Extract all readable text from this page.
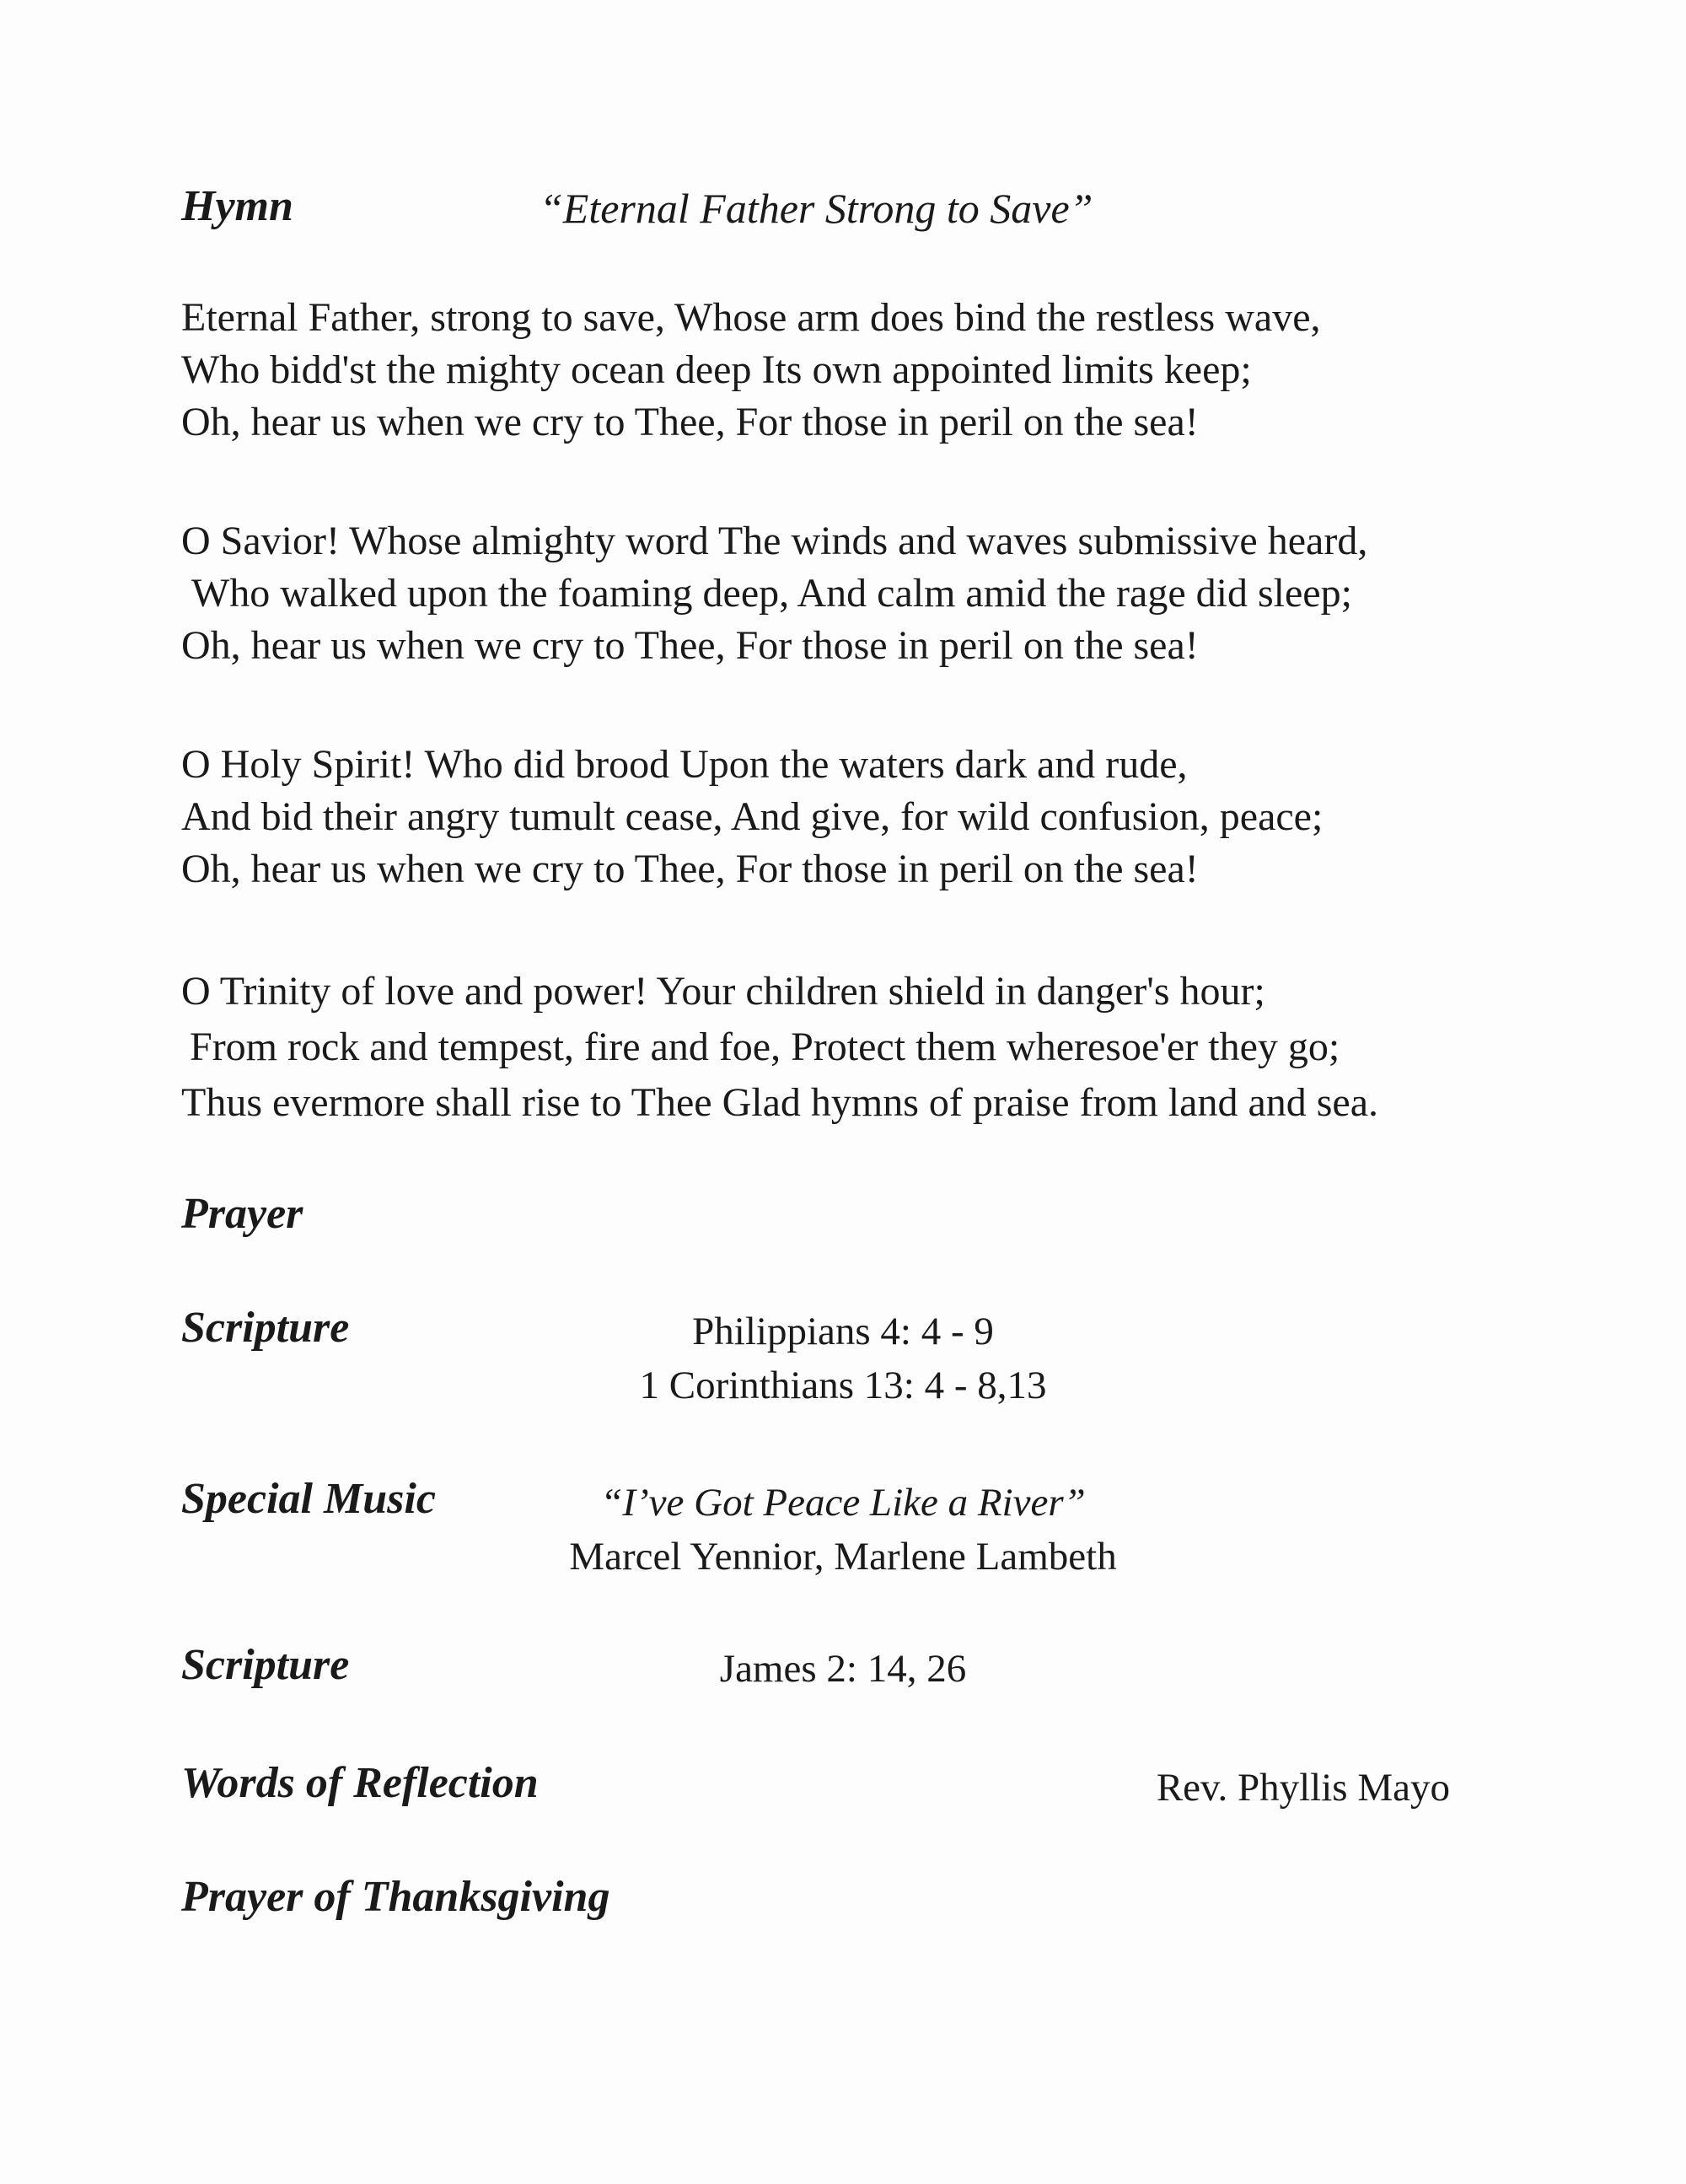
Hymn	“Eternal Father Strong to Save”
Eternal Father, strong to save, Whose arm does bind the restless wave,
Who bidd'st the mighty ocean deep Its own appointed limits keep;
Oh, hear us when we cry to Thee, For those in peril on the sea!
O Savior! Whose almighty word The winds and waves submissive heard,
Who walked upon the foaming deep, And calm amid the rage did sleep;
Oh, hear us when we cry to Thee, For those in peril on the sea!
O Holy Spirit! Who did brood Upon the waters dark and rude,
And bid their angry tumult cease, And give, for wild confusion, peace;
Oh, hear us when we cry to Thee, For those in peril on the sea!
O Trinity of love and power! Your children shield in danger's hour;
From rock and tempest, fire and foe, Protect them wheresoe'er they go;
Thus evermore shall rise to Thee Glad hymns of praise from land and sea.
Prayer
Scripture	Philippians 4: 4 - 9
1 Corinthians 13: 4 - 8,13
Special Music	“I’ve Got Peace Like a River”
Marcel Yennior, Marlene Lambeth
Scripture	James 2: 14, 26
Words of Reflection	Rev. Phyllis Mayo
Prayer of Thanksgiving
